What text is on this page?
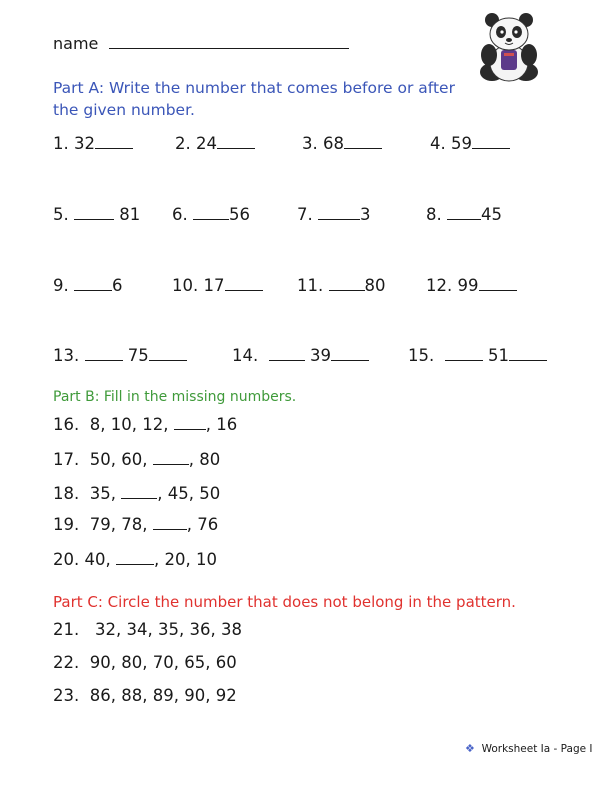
name
Part A: Write the number that comes before or after the given number.
1. 32	2. 24	3. 68	4. 59
5.	81 6.	56	7.	3	8. 45
9.	6	10. 17	11.	80 12. 99
13.	75	14.	39	15.	51
Part B: Fill in the missing numbers.
16. 8, 10, 12, , 16
17. 50, 60,	, 80
18. 35,	, 45, 50
19. 79, 78, , 76
20. 40,	, 20, 10
Part C: Circle the number that does not belong in the pattern.
21. 32, 34, 35, 36, 38
22. 90, 80, 70, 65, 60
23. 86, 88, 89, 90, 92
❖ Worksheet Ia - Page I
